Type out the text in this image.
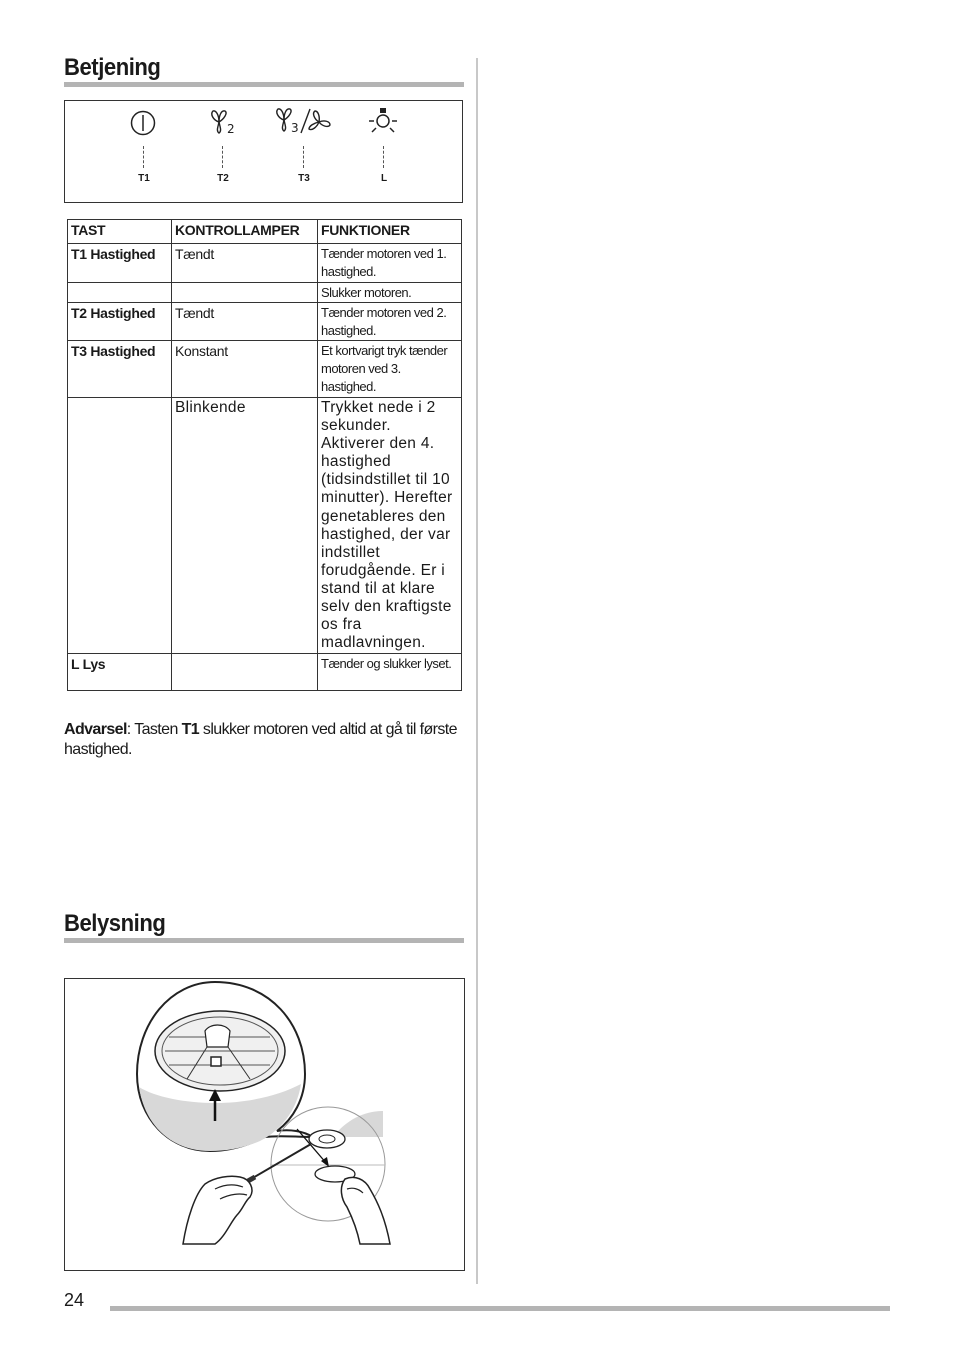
Betjening
2	3
T1	T2	T3	L
TAST	KONTROLLAMPER	FUNKTIONER
T1 Hastighed	Tændt	Tænder motoren ved 1. hastighed.
		Slukker motoren.
T2 Hastighed	Tændt	Tænder motoren ved 2. hastighed.
T3 Hastighed	Konstant	Et kortvarigt tryk tænder motoren ved 3. hastighed.
	Blinkende	Trykket nede i 2 sekunder. Aktiverer den 4. hastighed (tidsindstillet til 10 minutter). Herefter genetableres den hastighed, der var indstillet forudgående. Er i stand til at klare selv den kraftigste os fra madlavningen.
L Lys		Tænder og slukker lyset.
Advarsel: Tasten T1 slukker motoren ved altid at gå til første hastighed.
Belysning
24
